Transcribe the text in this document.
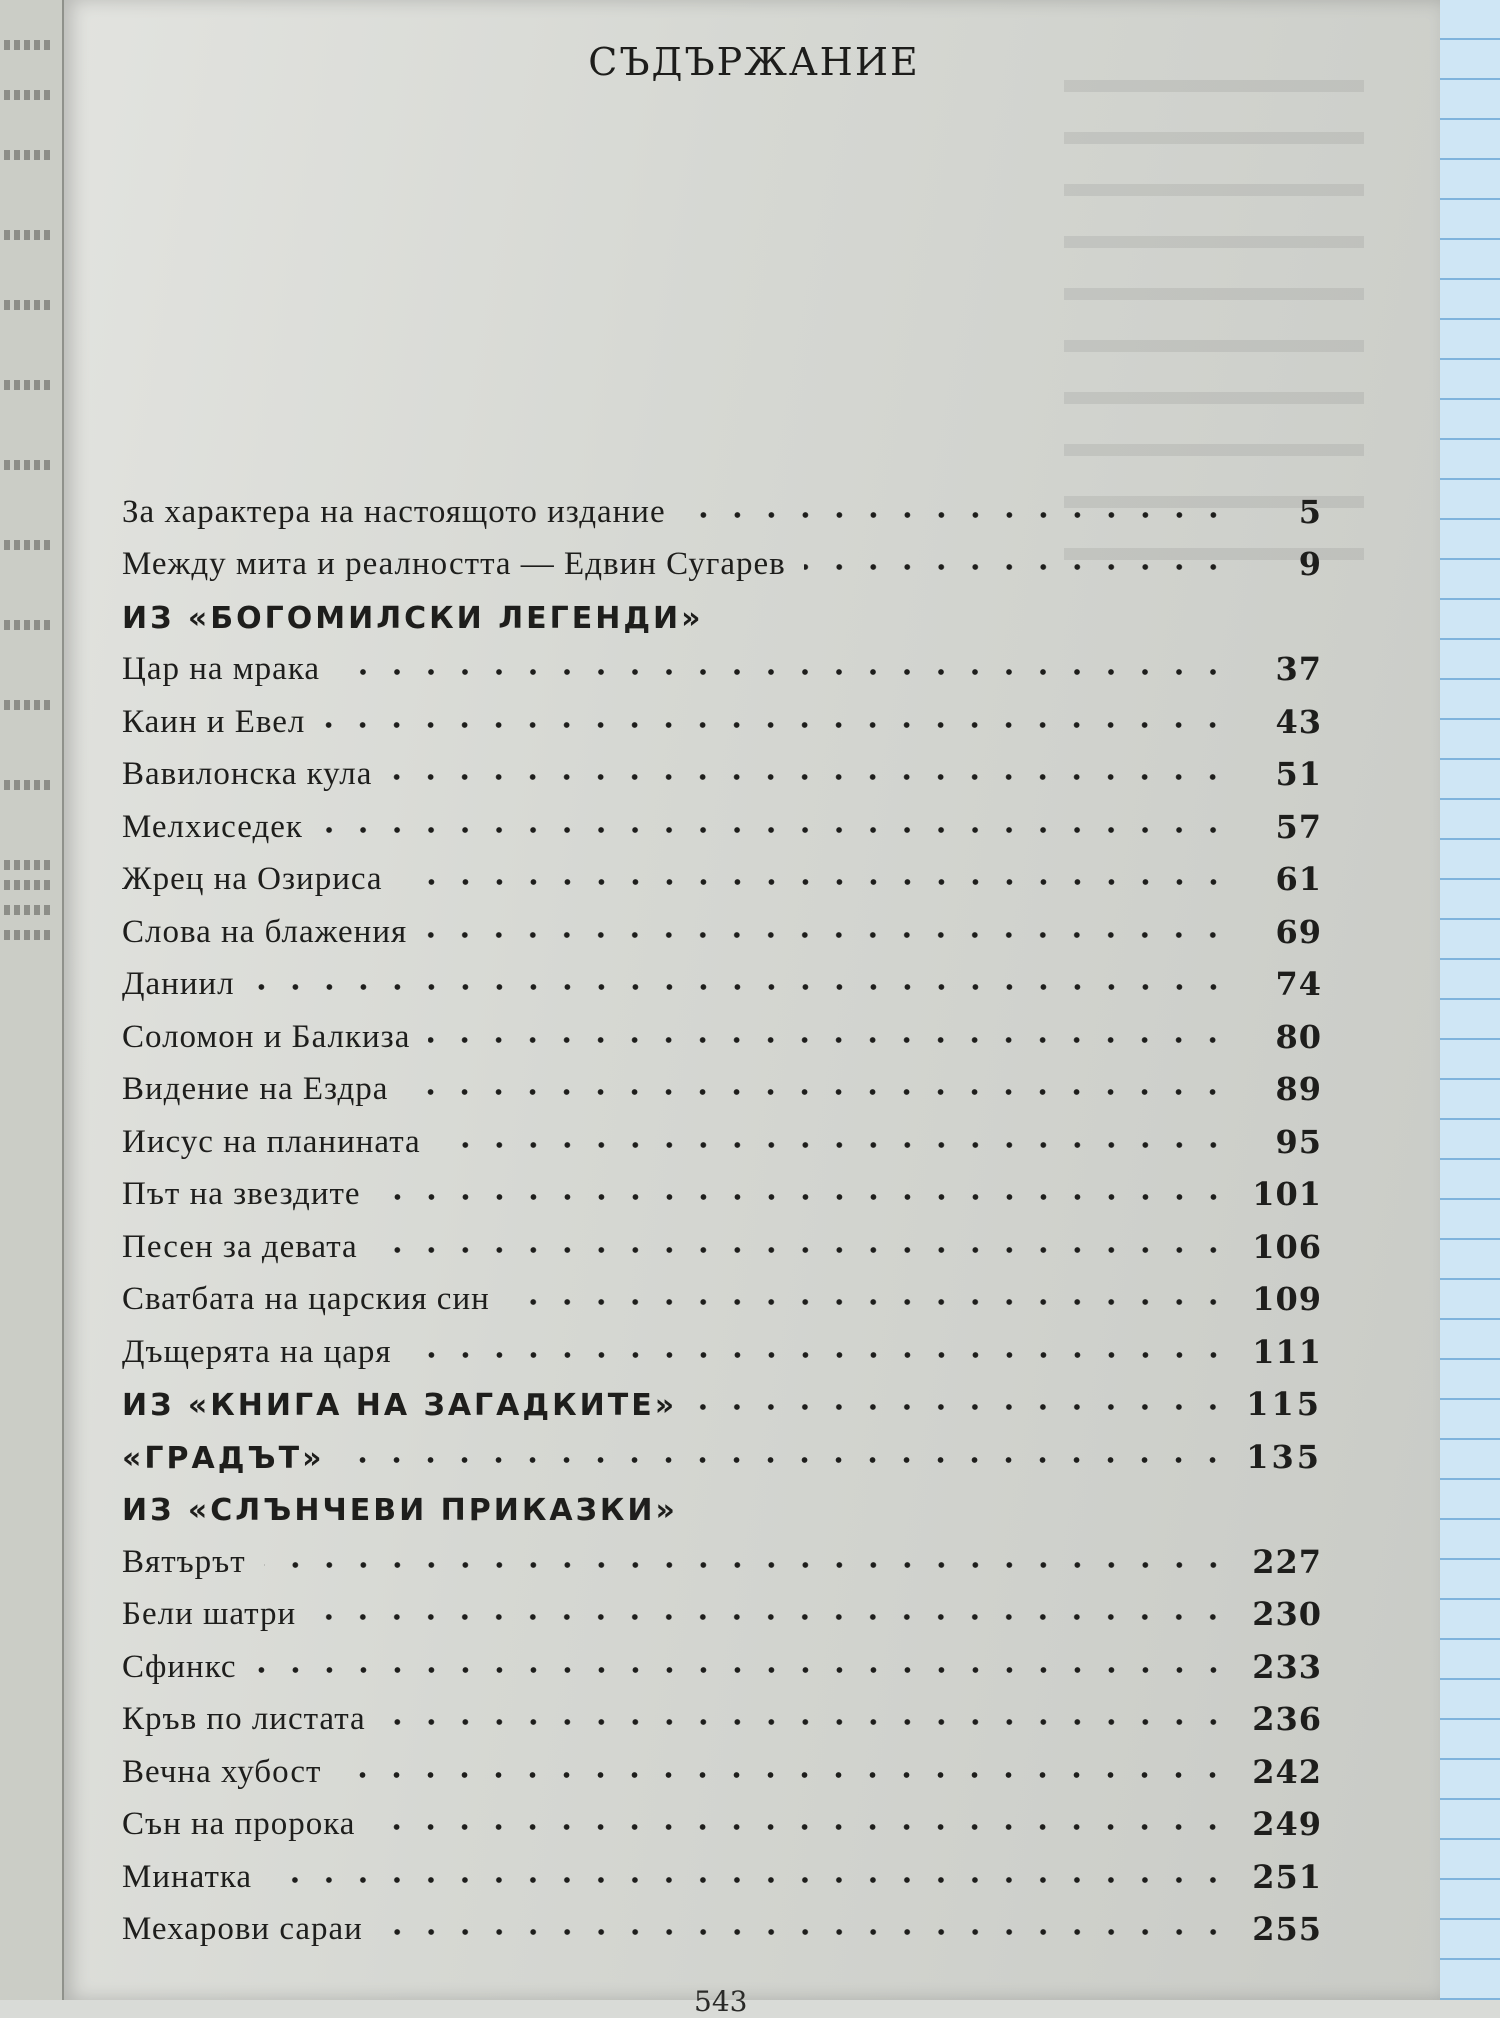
СЪДЪРЖАНИЕ
За характера на настоящото издание	5
Между мита и реалността — Едвин Сугарев	9
ИЗ «БОГОМИЛСКИ ЛЕГЕНДИ»
Цар на мрака	37
Каин и Евел	43
Вавилонска кула	51
Мелхиседек	57
Жрец на Озириса	61
Слова на блажения	69
Даниил	74
Соломон и Балкиза	80
Видение на Ездра	89
Иисус на планината	95
Път на звездите	101
Песен за девата	106
Сватбата на царския син	109
Дъщерята на царя	111
ИЗ «КНИГА НА ЗАГАДКИТЕ»	115
«ГРАДЪТ»	135
ИЗ «СЛЪНЧЕВИ ПРИКАЗКИ»
Вятърът	227
Бели шатри	230
Сфинкс	233
Кръв по листата	236
Вечна хубост	242
Сън на пророка	249
Минатка	251
Мехарови сараи	255
543
